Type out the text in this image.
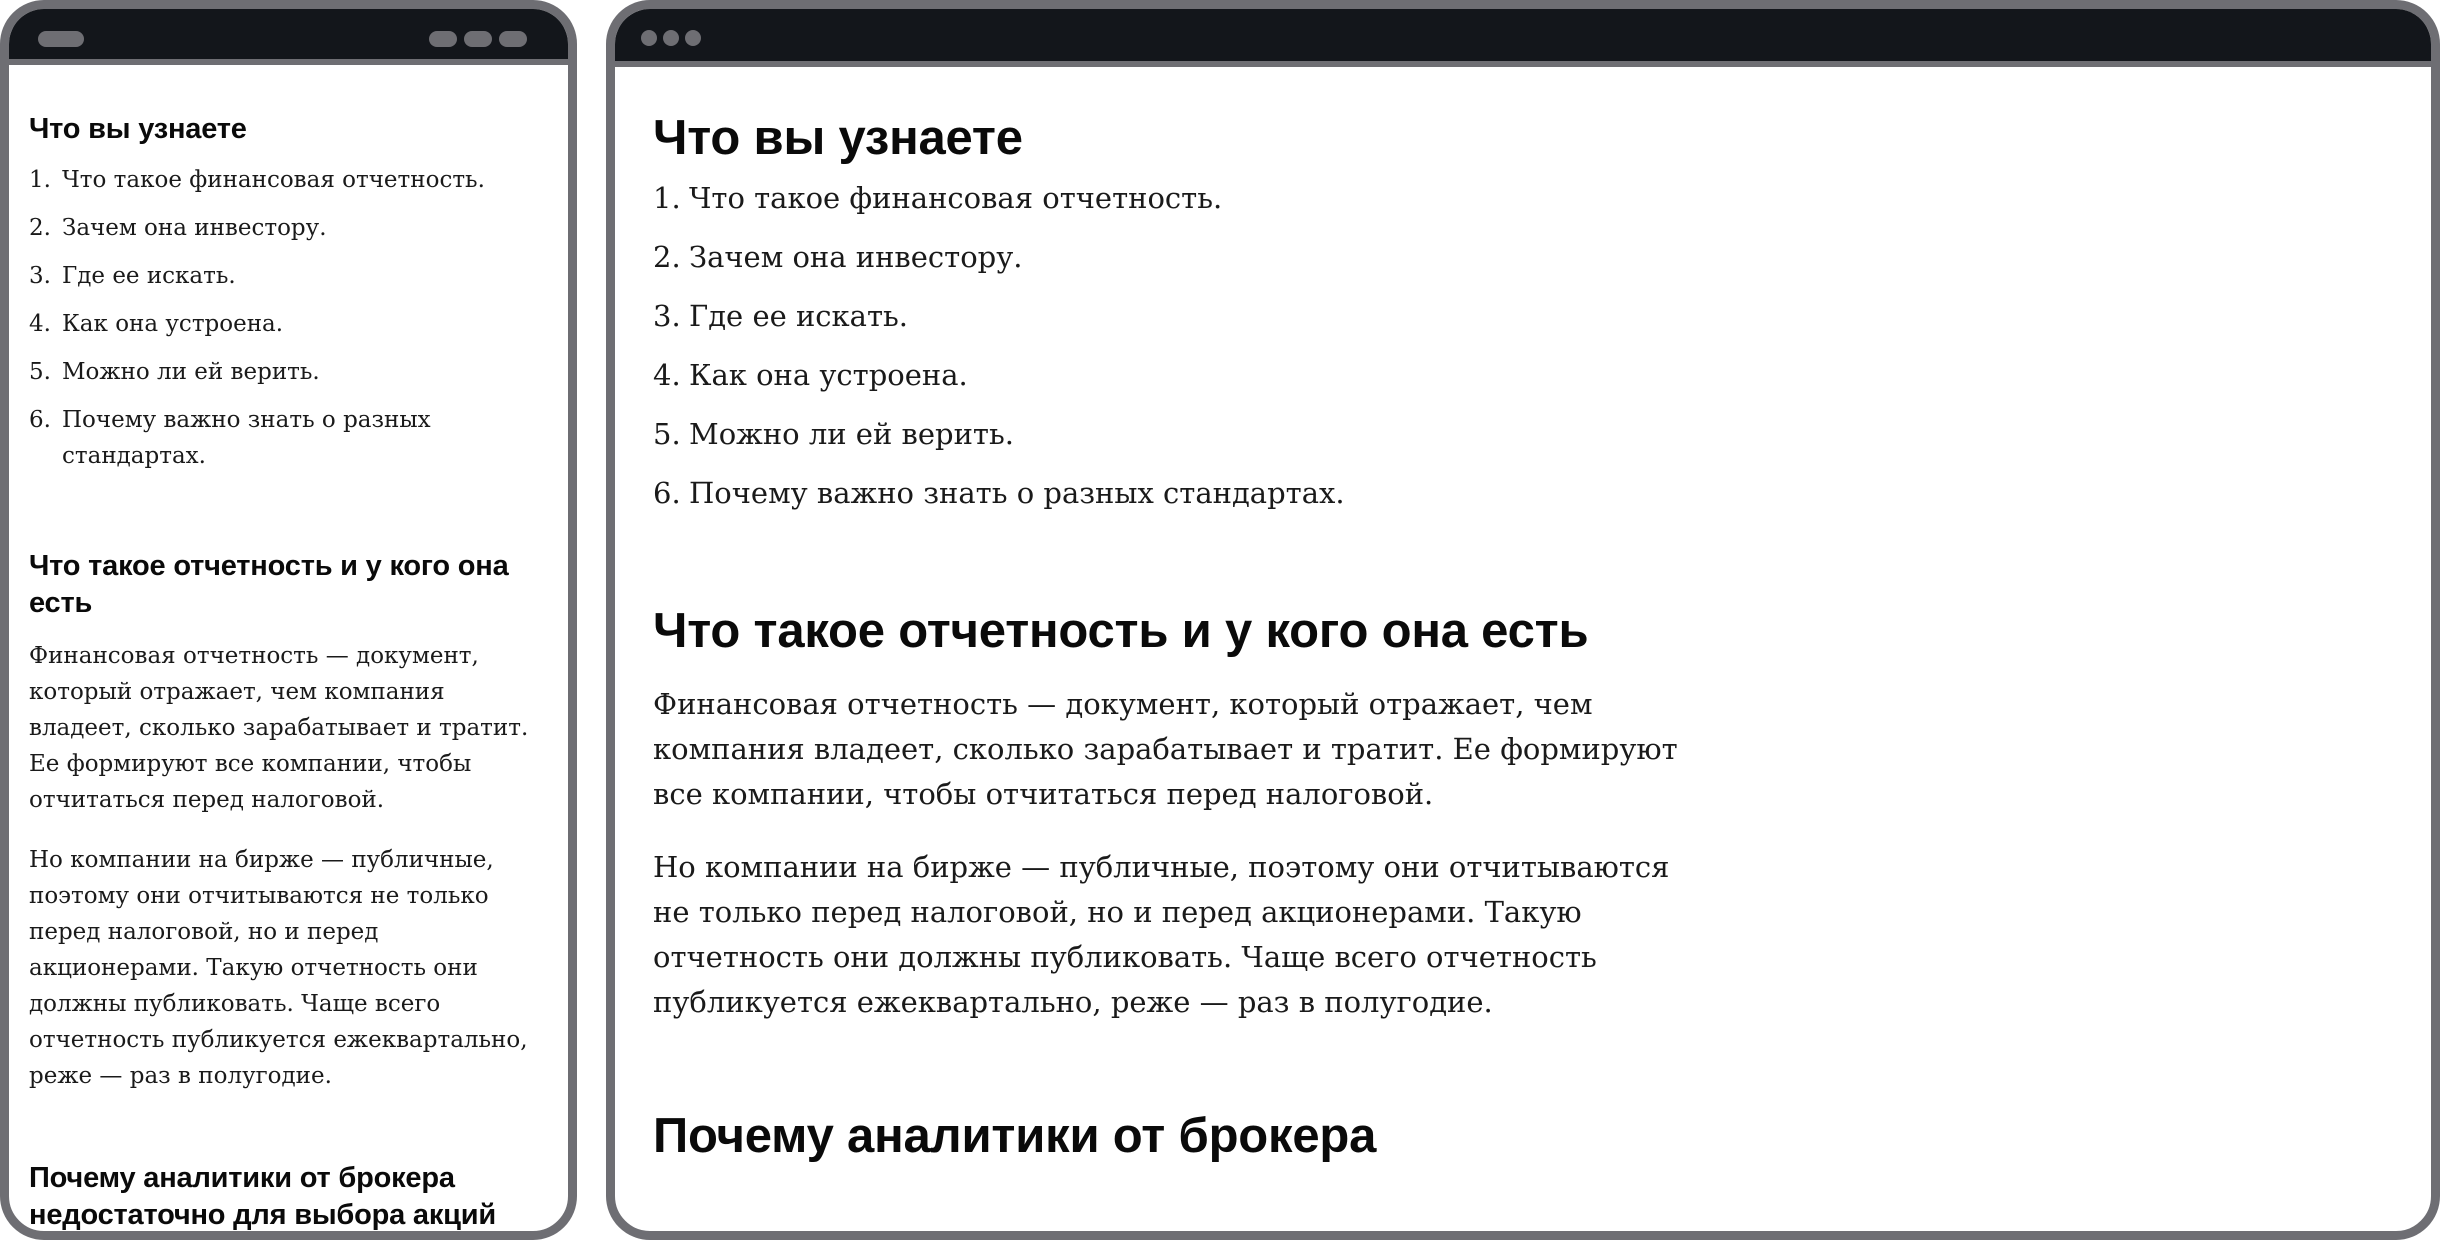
Что вы узнаете
1. Что такое финансовая отчетность.
2. Зачем она инвестору.
3. Где ее искать.
4. Как она устроена.
5. Можно ли ей верить.
6. Почему важно знать о разных стандартах.
Что такое отчетность и у кого она есть

Финансовая отчетность — документ, который отражает, чем компания владеет, сколько зарабатывает и тратит. Ее формируют все компании, чтобы отчитаться перед налоговой.

Но компании на бирже — публичные, поэтому они отчитываются не только перед налоговой, но и перед акционерами. Такую отчетность они должны публиковать. Чаще всего отчетность публикуется ежеквартально, реже — раз в полугодие.

Почему аналитики от брокера недостаточно для выбора акций
Что вы узнаете
1. Что такое финансовая отчетность.
2. Зачем она инвестору.
3. Где ее искать.
4. Как она устроена.
5. Можно ли ей верить.
6. Почему важно знать о разных стандартах.
Что такое отчетность и у кого она есть

Финансовая отчетность — документ, который отражает, чем компания владеет, сколько зарабатывает и тратит. Ее формируют все компании, чтобы отчитаться перед налоговой.

Но компании на бирже — публичные, поэтому они отчитываются не только перед налоговой, но и перед акционерами. Такую отчетность они должны публиковать. Чаще всего отчетность публикуется ежеквартально, реже — раз в полугодие.

Почему аналитики от брокера
